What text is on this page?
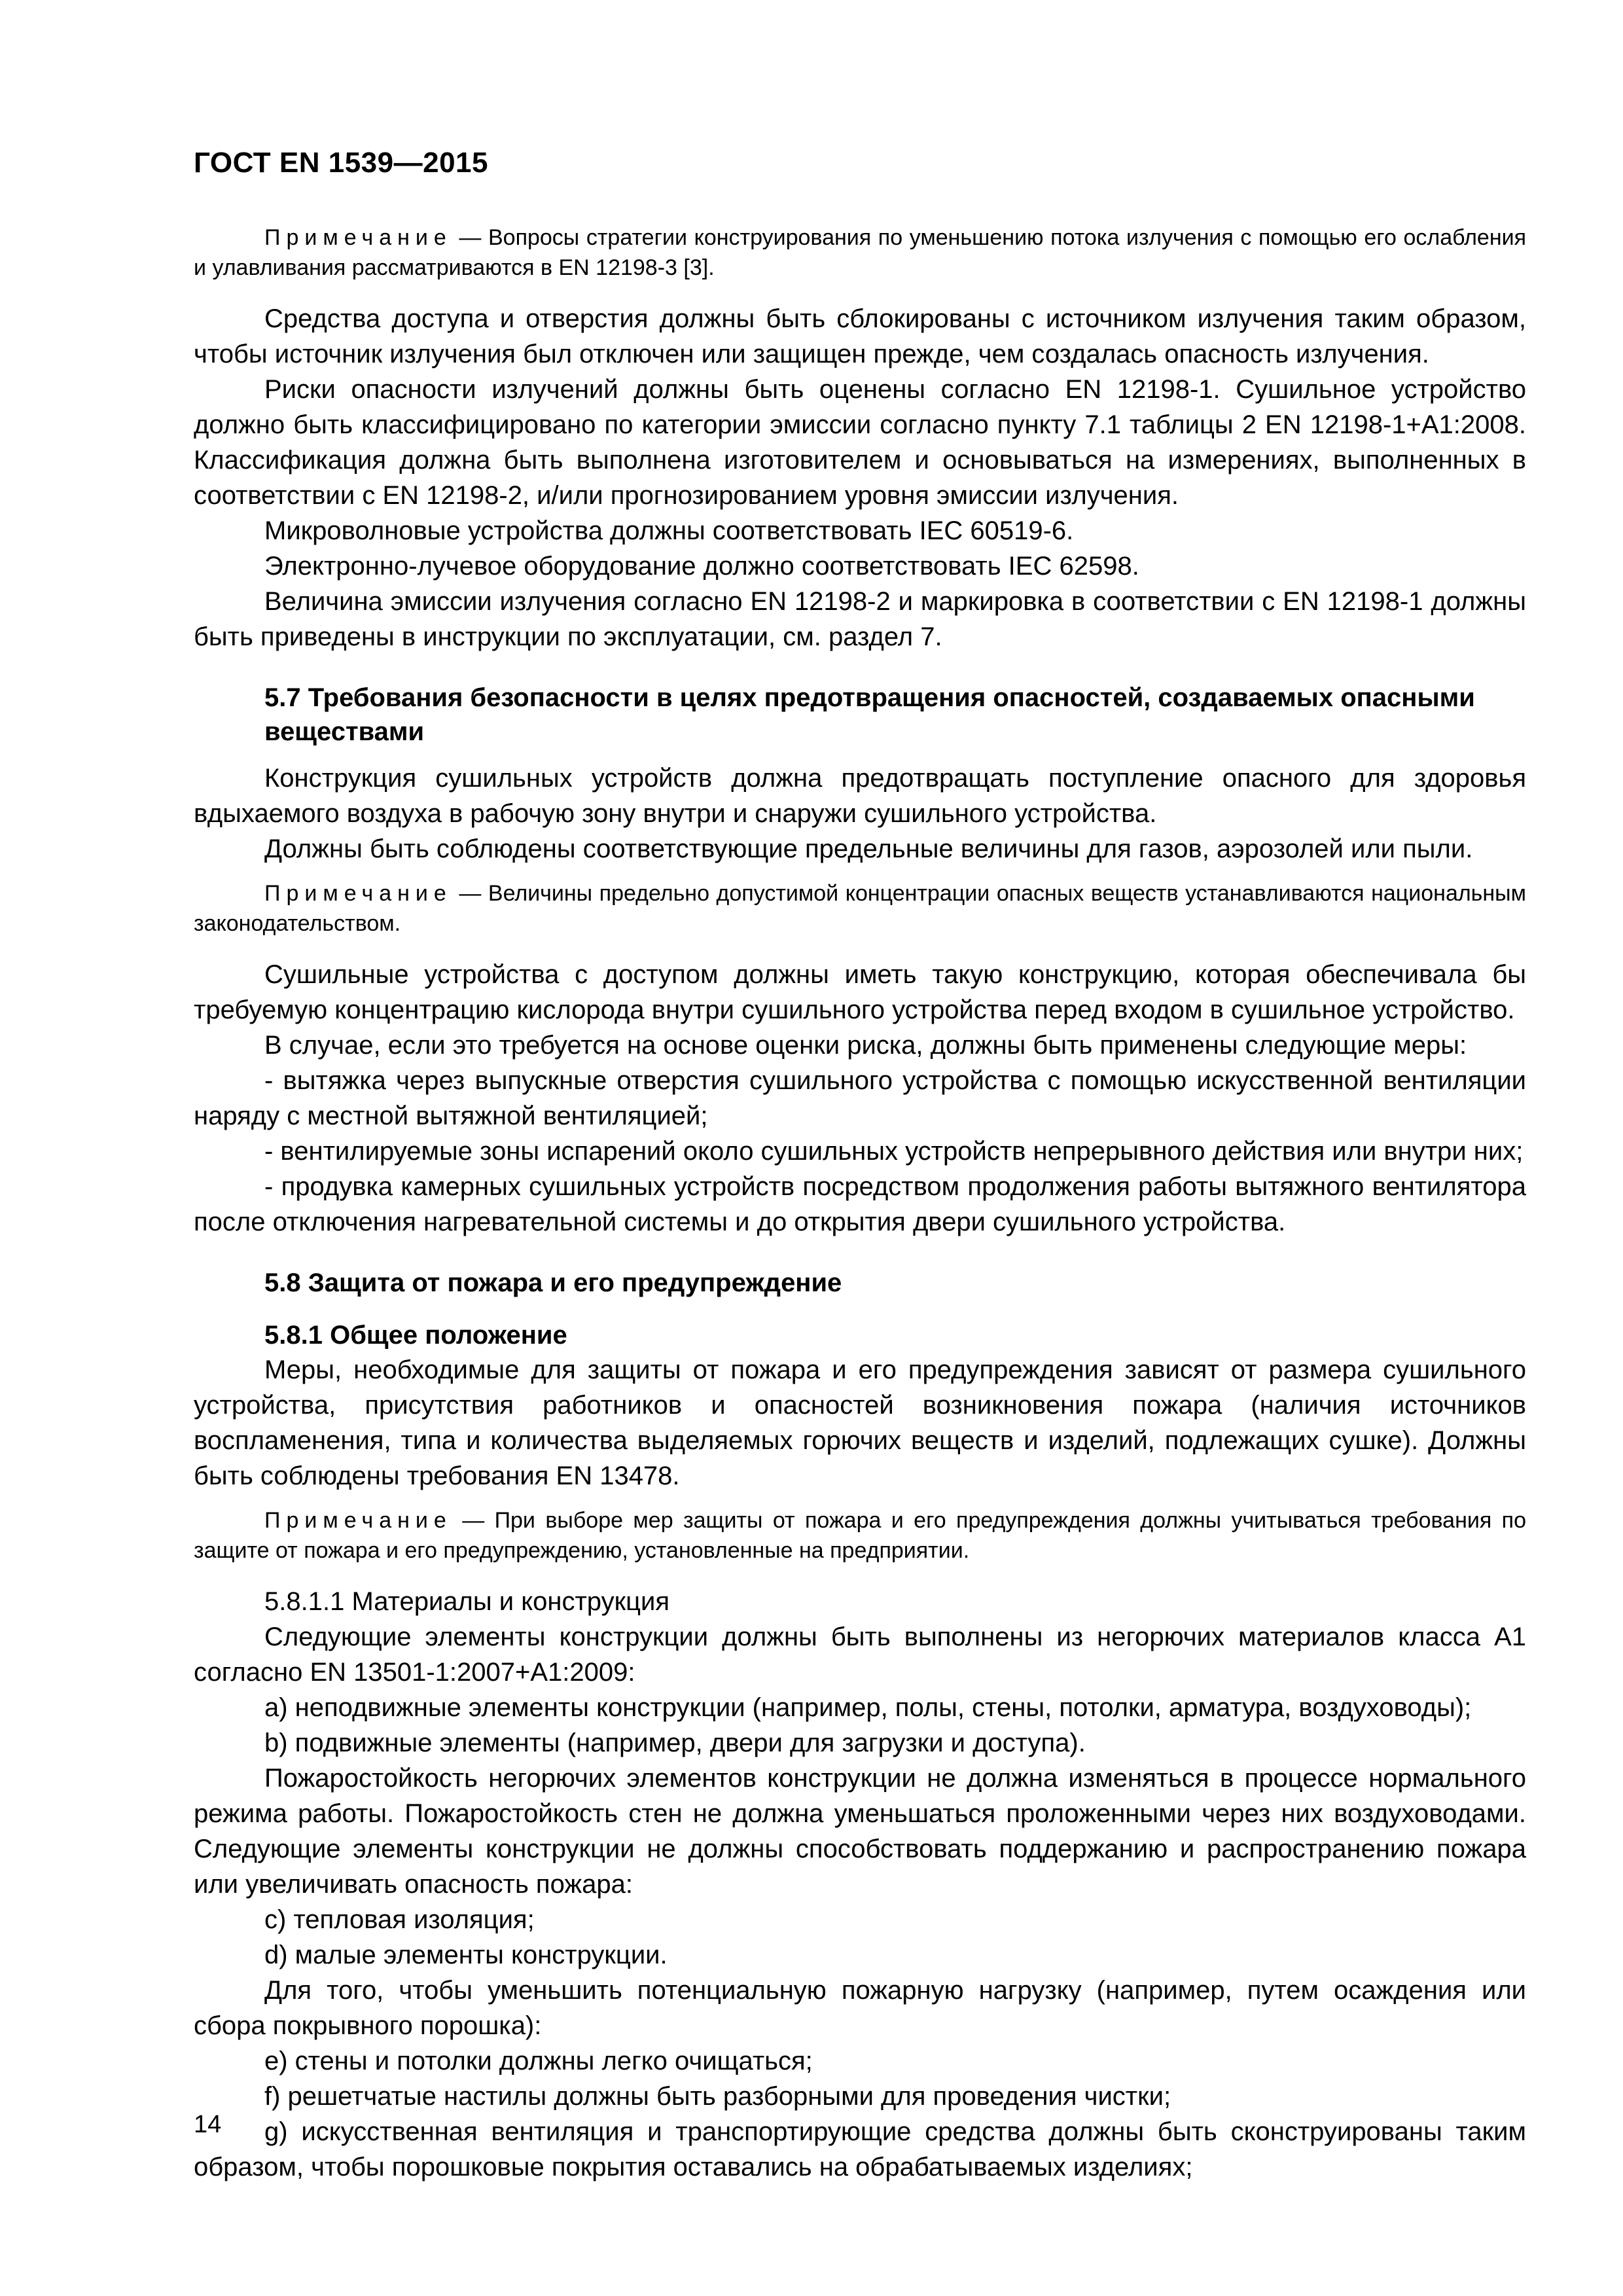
ГОСТ EN 1539—2015

Примечание — Вопросы стратегии конструирования по уменьшению потока излучения с помощью его ослабления и улавливания рассматриваются в EN 12198-3 [3].

Средства доступа и отверстия должны быть сблокированы с источником излучения таким образом, чтобы источник излучения был отключен или защищен прежде, чем создалась опасность излучения.

Риски опасности излучений должны быть оценены согласно EN 12198-1. Сушильное устройство должно быть классифицировано по категории эмиссии согласно пункту 7.1 таблицы 2 EN 12198-1+A1:2008. Классификация должна быть выполнена изготовителем и основываться на измерениях, выполненных в соответствии с EN 12198-2, и/или прогнозированием уровня эмиссии излучения.

Микроволновые устройства должны соответствовать IEC 60519-6.

Электронно-лучевое оборудование должно соответствовать IEC 62598.

Величина эмиссии излучения согласно EN 12198-2 и маркировка в соответствии с EN 12198-1 должны быть приведены в инструкции по эксплуатации, см. раздел 7.

5.7 Требования безопасности в целях предотвращения опасностей, создаваемых опасными веществами

Конструкция сушильных устройств должна предотвращать поступление опасного для здоровья вдыхаемого воздуха в рабочую зону внутри и снаружи сушильного устройства.

Должны быть соблюдены соответствующие предельные величины для газов, аэрозолей или пыли.

Примечание — Величины предельно допустимой концентрации опасных веществ устанавливаются национальным законодательством.

Сушильные устройства с доступом должны иметь такую конструкцию, которая обеспечивала бы требуемую концентрацию кислорода внутри сушильного устройства перед входом в сушильное устройство.

В случае, если это требуется на основе оценки риска, должны быть применены следующие меры:

- вытяжка через выпускные отверстия сушильного устройства с помощью искусственной вентиляции наряду с местной вытяжной вентиляцией;

- вентилируемые зоны испарений около сушильных устройств непрерывного действия или внутри них;

- продувка камерных сушильных устройств посредством продолжения работы вытяжного вентилятора после отключения нагревательной системы и до открытия двери сушильного устройства.

5.8 Защита от пожара и его предупреждение

5.8.1 Общее положение

Меры, необходимые для защиты от пожара и его предупреждения зависят от размера сушильного устройства, присутствия работников и опасностей возникновения пожара (наличия источников воспламенения, типа и количества выделяемых горючих веществ и изделий, подлежащих сушке). Должны быть соблюдены требования EN 13478.

Примечание — При выборе мер защиты от пожара и его предупреждения должны учитываться требования по защите от пожара и его предупреждению, установленные на предприятии.

5.8.1.1 Материалы и конструкция

Следующие элементы конструкции должны быть выполнены из негорючих материалов класса A1 согласно EN 13501-1:2007+A1:2009:

a) неподвижные элементы конструкции (например, полы, стены, потолки, арматура, воздуховоды);

b) подвижные элементы (например, двери для загрузки и доступа).

Пожаростойкость негорючих элементов конструкции не должна изменяться в процессе нормального режима работы. Пожаростойкость стен не должна уменьшаться проложенными через них воздуховодами. Следующие элементы конструкции не должны способствовать поддержанию и распространению пожара или увеличивать опасность пожара:

c) тепловая изоляция;

d) малые элементы конструкции.

Для того, чтобы уменьшить потенциальную пожарную нагрузку (например, путем осаждения или сбора покрывного порошка):

e) стены и потолки должны легко очищаться;

f) решетчатые настилы должны быть разборными для проведения чистки;

g) искусственная вентиляция и транспортирующие средства должны быть сконструированы таким образом, чтобы порошковые покрытия оставались на обрабатываемых изделиях;

14
